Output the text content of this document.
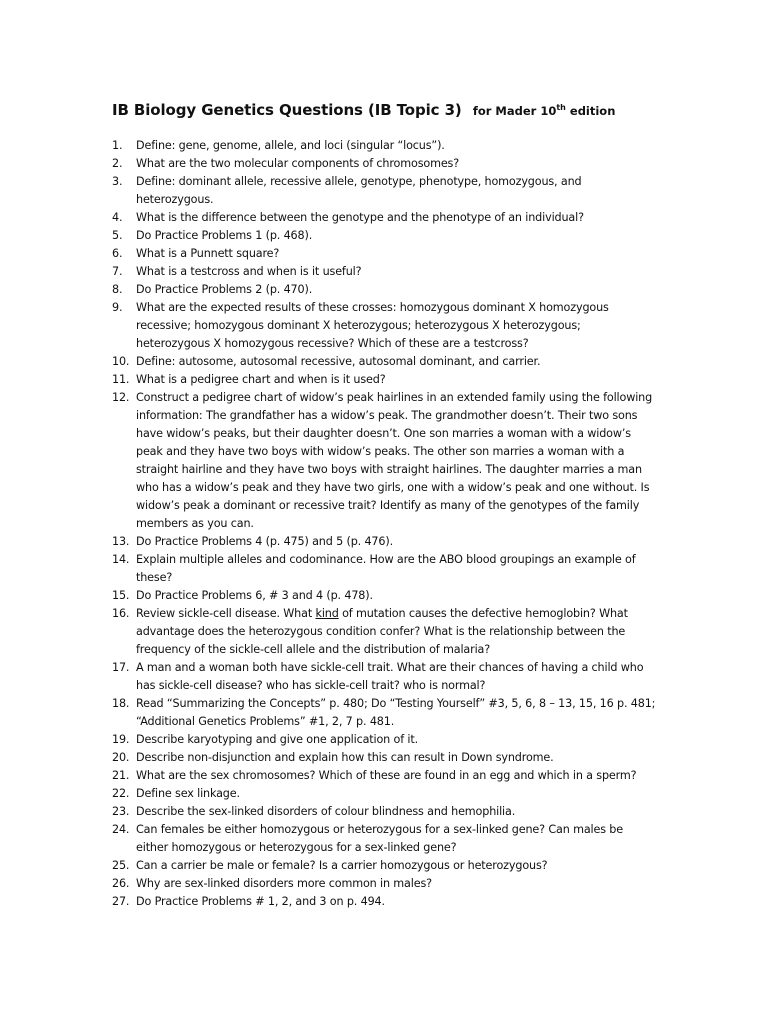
IB Biology Genetics Questions (IB Topic 3) for Mader 10th edition
1.	Define: gene, genome, allele, and loci (singular “locus”).
2.	What are the two molecular components of chromosomes?
3.	Define: dominant allele, recessive allele, genotype, phenotype, homozygous, and heterozygous.
4.	What is the difference between the genotype and the phenotype of an individual?
5.	Do Practice Problems 1 (p. 468).
6.	What is a Punnett square?
7.	What is a testcross and when is it useful?
8.	Do Practice Problems 2 (p. 470).
9.	What are the expected results of these crosses: homozygous dominant X homozygous recessive; homozygous dominant X heterozygous; heterozygous X heterozygous; heterozygous X homozygous recessive? Which of these are a testcross?
10. Define: autosome, autosomal recessive, autosomal dominant, and carrier.
11. What is a pedigree chart and when is it used?
12. Construct a pedigree chart of widow’s peak hairlines in an extended family using the following information: The grandfather has a widow’s peak. The grandmother doesn’t. Their two sons have widow’s peaks, but their daughter doesn’t. One son marries a woman with a widow’s peak and they have two boys with widow’s peaks. The other son marries a woman with a straight hairline and they have two boys with straight hairlines. The daughter marries a man who has a widow’s peak and they have two girls, one with a widow’s peak and one without. Is widow’s peak a dominant or recessive trait? Identify as many of the genotypes of the family members as you can.
13. Do Practice Problems 4 (p. 475) and 5 (p. 476).
14. Explain multiple alleles and codominance. How are the ABO blood groupings an example of these?
15. Do Practice Problems 6, # 3 and 4 (p. 478).
16. Review sickle-cell disease. What kind of mutation causes the defective hemoglobin? What advantage does the heterozygous condition confer? What is the relationship between the frequency of the sickle-cell allele and the distribution of malaria?
17. A man and a woman both have sickle-cell trait. What are their chances of having a child who has sickle-cell disease? who has sickle-cell trait? who is normal?
18. Read “Summarizing the Concepts” p. 480; Do “Testing Yourself” #3, 5, 6, 8 – 13, 15, 16 p. 481; “Additional Genetics Problems” #1, 2, 7 p. 481.
19. Describe karyotyping and give one application of it.
20. Describe non-disjunction and explain how this can result in Down syndrome.
21. What are the sex chromosomes? Which of these are found in an egg and which in a sperm?
22. Define sex linkage.
23. Describe the sex-linked disorders of colour blindness and hemophilia.
24. Can females be either homozygous or heterozygous for a sex-linked gene? Can males be either homozygous or heterozygous for a sex-linked gene?
25. Can a carrier be male or female? Is a carrier homozygous or heterozygous?
26. Why are sex-linked disorders more common in males?
27. Do Practice Problems # 1, 2, and 3 on p. 494.
